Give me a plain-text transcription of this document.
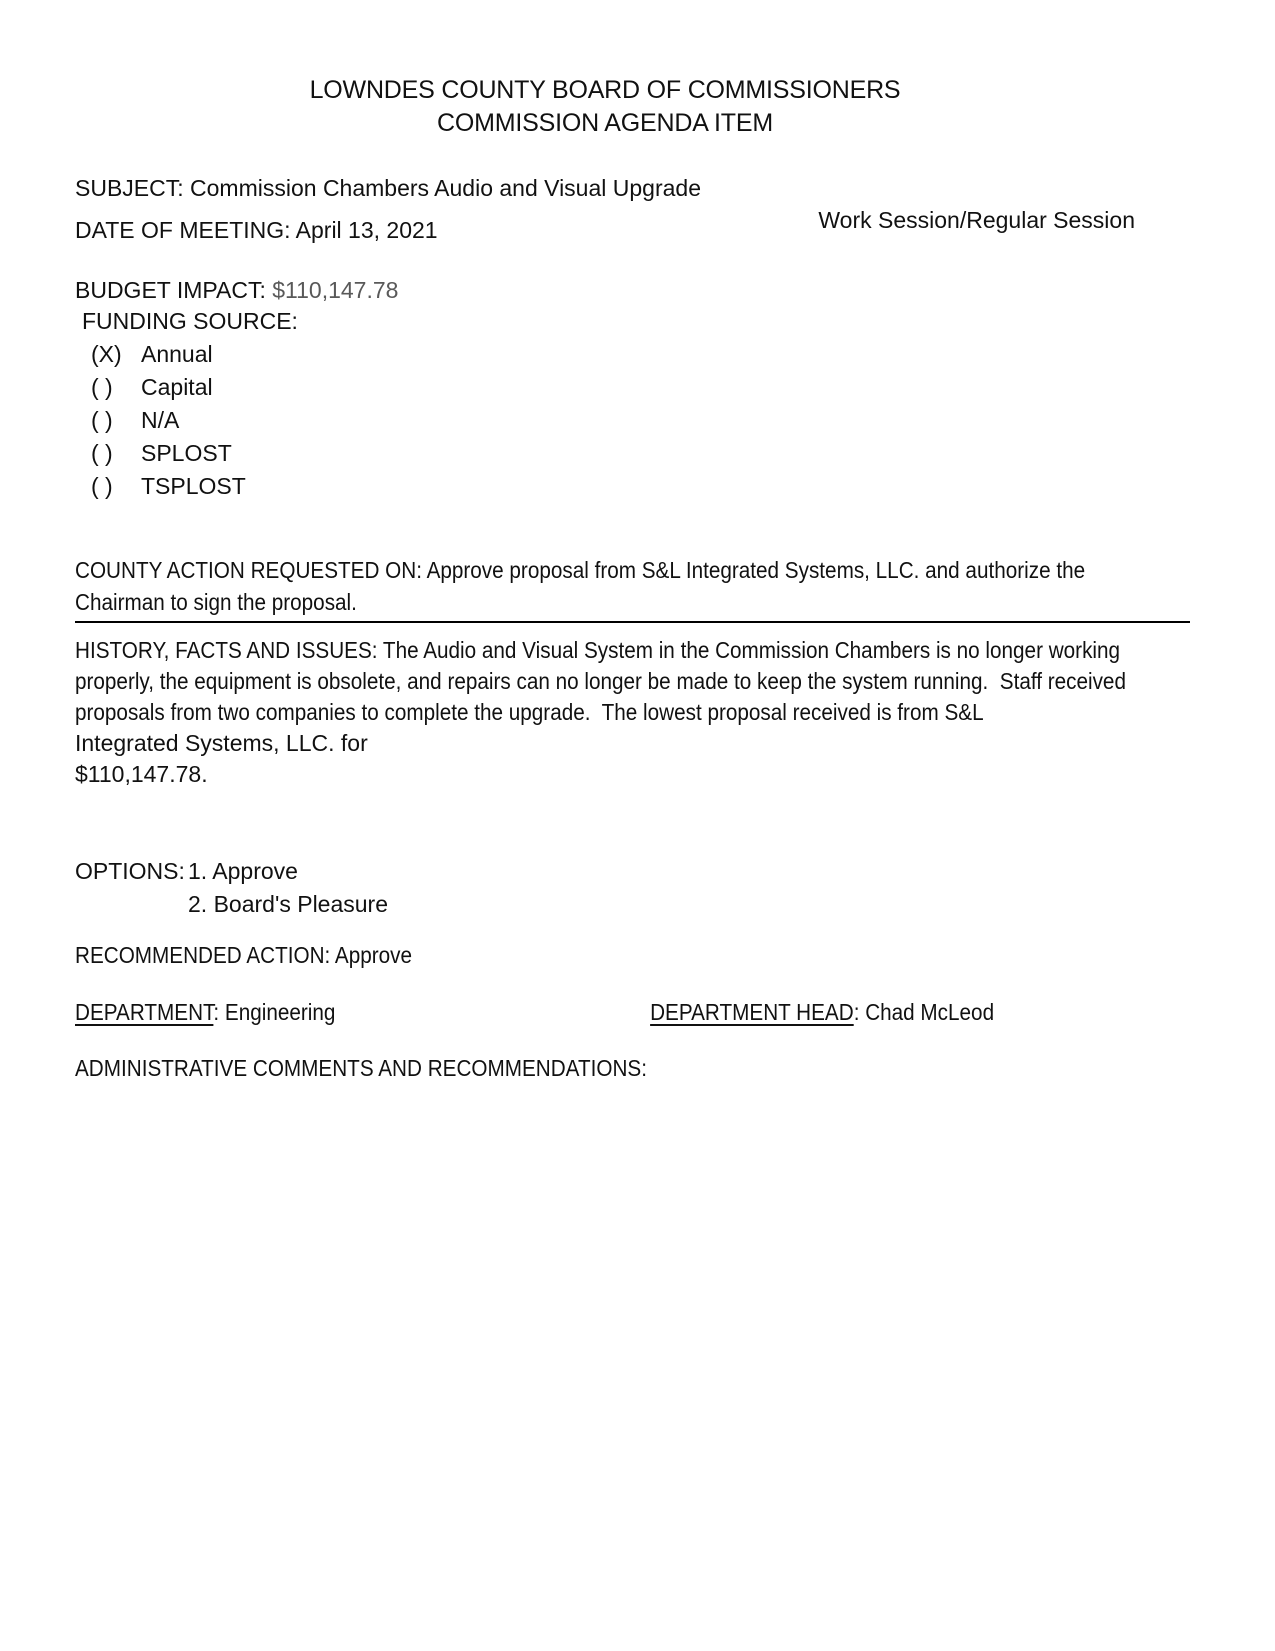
LOWNDES COUNTY BOARD OF COMMISSIONERS
COMMISSION AGENDA ITEM
SUBJECT: Commission Chambers Audio and Visual Upgrade
DATE OF MEETING: April 13, 2021	Work Session/Regular Session
BUDGET IMPACT: $110,147.78
FUNDING SOURCE:
(X) Annual
( )	Capital
( )	N/A
( )	SPLOST
( )	TSPLOST
COUNTY ACTION REQUESTED ON: Approve proposal from S&L Integrated Systems, LLC. and authorize the Chairman to sign the proposal.
HISTORY, FACTS AND ISSUES: The Audio and Visual System in the Commission Chambers is no longer working properly, the equipment is obsolete, and repairs can no longer be made to keep the system running.  Staff received proposals from two companies to complete the upgrade.  The lowest proposal received is from S&L
Integrated Systems, LLC. for
$110,147.78.
OPTIONS: 1. Approve
2. Board's Pleasure
RECOMMENDED ACTION: Approve
DEPARTMENT: Engineering	DEPARTMENT HEAD: Chad McLeod
ADMINISTRATIVE COMMENTS AND RECOMMENDATIONS:
